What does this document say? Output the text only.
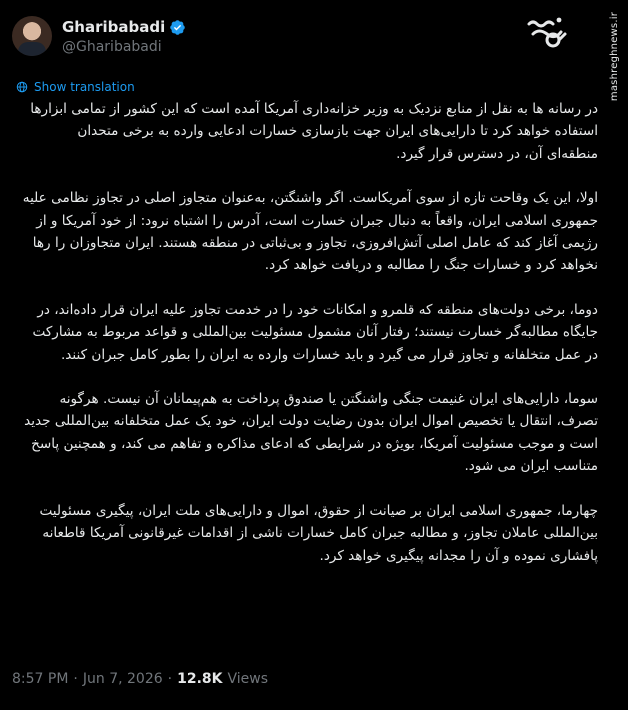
Gharibabadi
@Gharibabadi	mashreghnews.ir
Show translation

در رسانه ها به نقل از منابع نزدیک به وزیر خزانه‌داری آمریکا آمده است که این کشور از تمامی ابزارها استفاده خواهد کرد تا دارایی‌های ایران جهت بازسازی خسارات ادعایی وارده به برخی متحدان منطقه‌ای آن، در دسترس قرار گیرد.

اولا، این یک وقاحت تازه از سوی آمریکاست. اگر واشنگتن، به‌عنوان متجاوز اصلی در تجاوز نظامی علیه جمهوری اسلامی ایران، واقعاً به دنبال جبران خسارت است، آدرس را اشتباه نرود: از خود آمریکا و از رژیمی آغاز کند که عامل اصلی آتش‌افروزی، تجاوز و بی‌ثباتی در منطقه هستند. ایران متجاوزان را رها نخواهد کرد و خسارات جنگ را مطالبه و دریافت خواهد کرد.

دوما، برخی دولت‌های منطقه که قلمرو و امکانات خود را در خدمت تجاوز علیه ایران قرار داده‌اند، در جایگاه مطالبه‌گر خسارت نیستند؛ رفتار آنان مشمول مسئولیت بین‌المللی و قواعد مربوط به مشارکت در عمل متخلفانه و تجاوز قرار می گیرد و باید خسارات وارده به ایران را بطور کامل جبران کنند.

سوما، دارایی‌های ایران غنیمت جنگی واشنگتن یا صندوق پرداخت به هم‌پیمانان آن نیست. هرگونه تصرف، انتقال یا تخصیص اموال ایران بدون رضایت دولت ایران، خود یک عمل متخلفانه بین‌المللی جدید است و موجب مسئولیت آمریکا، بویژه در شرایطی که ادعای مذاکره و تفاهم می کند، و همچنین پاسخ متناسب ایران می شود.

چهارما، جمهوری اسلامی ایران بر صیانت از حقوق، اموال و دارایی‌های ملت ایران، پیگیری مسئولیت بین‌المللی عاملان تجاوز، و مطالبه جبران کامل خسارات ناشی از اقدامات غیرقانونی آمریکا قاطعانه پافشاری نموده و آن را مجدانه پیگیری خواهد کرد.

8:57 PM · Jun 7, 2026 · 12.8K Views
